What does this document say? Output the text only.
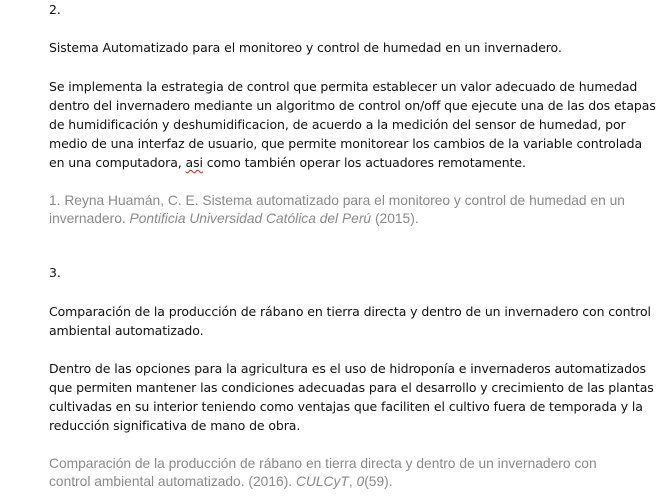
2.
Sistema Automatizado para el monitoreo y control de humedad en un invernadero.
Se implementa la estrategia de control que permita establecer un valor adecuado de humedad
dentro del invernadero mediante un algoritmo de control on/off que ejecute una de las dos etapas
de humidificación y deshumidificacion, de acuerdo a la medición del sensor de humedad, por
medio de una interfaz de usuario, que permite monitorear los cambios de la variable controlada
en una computadora, asi como también operar los actuadores remotamente.
1. Reyna Huamán, C. E. Sistema automatizado para el monitoreo y control de humedad en un
invernadero. Pontificia Universidad Católica del Perú (2015).
3.
Comparación de la producción de rábano en tierra directa y dentro de un invernadero con control
ambiental automatizado.
Dentro de las opciones para la agricultura es el uso de hidroponía e invernaderos automatizados
que permiten mantener las condiciones adecuadas para el desarrollo y crecimiento de las plantas
cultivadas en su interior teniendo como ventajas que faciliten el cultivo fuera de temporada y la
reducción significativa de mano de obra.
Comparación de la producción de rábano en tierra directa y dentro de un invernadero con
control ambiental automatizado. (2016). CULCyT, 0(59).
